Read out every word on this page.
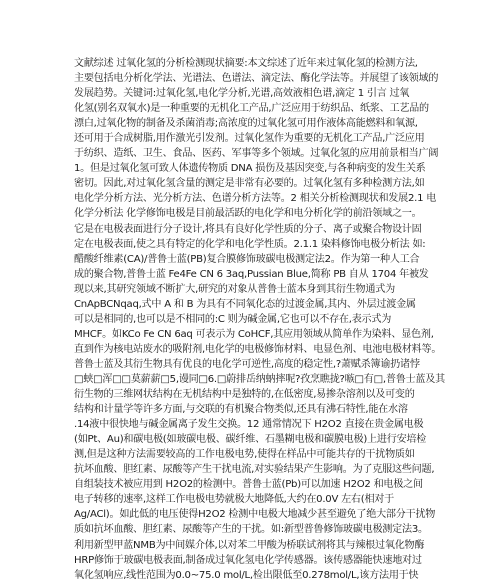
文献综述 过氧化氢的分析检测现状摘要:本文综述了近年来过氧化氢的检测方法,
主要包括电分析化学法、光谱法、色谱法、滴定法、酶化学法等。并展望了该领域的
发展趋势。关键词:过氧化氢,电化学分析,光谱,高效液相色谱,滴定 1 引言 过氧
化氢(别名双氧水)是一种重要的无机化工产品,广泛应用于纺织品、纸浆、工艺品的
漂白,过氧化物的制备及杀菌消毒;高浓度的过氧化氢可用作液体高能燃料和氧源,
还可用于合成树脂,用作激光引发剂。过氧化氢作为重要的无机化工产品,广泛应用
于纺织、造纸、卫生、食品、医药、军事等多个领域。过氧化氢的应用前景相当广阔
1。但是过氧化氢可致人体遗传物质 DNA 损伤及基因突变,与各种病变的发生关系
密切。因此,对过氧化氢含量的测定是非常有必要的。过氧化氢有多种检测方法,如
电化学分析方法、光分析方法、色谱分析方法等。2 相关分析检测现状和发展2.1 电
化学分析法 化学修饰电极是目前最活跃的电化学和电分析化学的前沿领域之一。
它是在电极表面进行分子设计,将具有良好化学性质的分子、离子或聚合物设计固
定在电极表面,使之具有特定的化学和电化学性质。2.1.1 染料修饰电极分析法 如:
醋酸纤维素(CA)/普鲁士蓝(PB)复合膜修饰玻碳电极测定法2。作为第一种人工合
成的聚合物,普鲁士蓝 Fe4Fe CN 6 3aq,Pussian Blue,简称 PB 自从 1704 年被发
现以来,其研究领域不断扩大,研究的对象从普鲁士蓝本身到其衍生物通式为
CnApBCNqaq,式中 A 和 B 为具有不同氧化态的过渡金属,其内、外层过渡金属
可以是相同的,也可以是不相同的:C 则为碱金属,它也可以不存在,表示式为
MHCF。如KCo Fe CN 6aq 可表示为 CoHCF,其应用领域从简单作为染料、显色剂,
直到作为核电站废水的吸附剂,电化学的电极修饰材料、电显色剂、电池电极材料等。
普鲁士蓝及其衍生物具有优良的电化学可逆性,高度的稳定性,?萧赋杀簿谕扔诸悖
□蛱□浑□□莫薪薪□5,谩同□6.□蔚排岳纳蚋摔呢?孜烹瞧拢?嗾□有□,普鲁士蓝及其
衍生物的三维网状结构在无机结构中是独特的,在低密度,易掺杂溶剂以及可变的
结构和计量学等许多方面,与交联的有机聚合物类似,还具有沸石特性,能在水溶
.14液中很快地与碱金属离子发生交换。12 通常情况下 H2O2 直接在贵金属电极
(如Pt、Au)和碳电极(如玻碳电极、碳纤维、石墨糊电极和碳膜电极)上进行安培检
测,但是这种方法需要较高的工作电极电势,使得在样品中可能共存的干扰物质如
抗坏血酸、胆红素、尿酸等产生干扰电流,对实验结果产生影响。为了克服这些问题,
自组装技术被应用到 H2O2的检测中。普鲁士蓝(Pb)可以加速 H2O2 和电极之间
电子转移的速率,这样工作电极电势就极大地降低,大约在0.0V 左右(相对于
Ag/ACl)。如此低的电压使得H2O2 检测中电极大地减少甚至避免了绝大部分干扰物
质如抗坏血酸、胆红素、尿酸等产生的干扰。如:新型普鲁修饰玻碳电极测定法3。
利用新型甲蓝NMB为中间媒介体,以对苯二甲酸为桥联试剂将其与辣根过氧化物酶
HRP修饰于玻碳电极表面,制备成过氧化氢电化学传感器。该传感器能快速地对过
氧化氢响应,线性范围为0.0~75.0 mol/L,检出限低至0.278mol/L,该方法用于快
